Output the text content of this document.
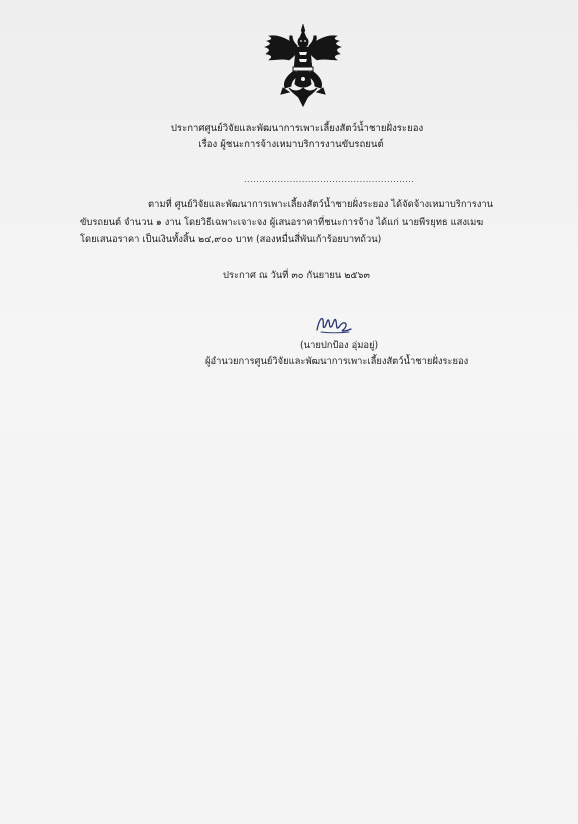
ประกาศศูนย์วิจัยและพัฒนาการเพาะเลี้ยงสัตว์น้ำชายฝั่งระยอง
เรื่อง ผู้ชนะการจ้างเหมาบริการงานขับรถยนต์
........................................................
ตามที่ ศูนย์วิจัยและพัฒนาการเพาะเลี้ยงสัตว์น้ำชายฝั่งระยอง ได้จัดจ้างเหมาบริการงาน
ขับรถยนต์ จำนวน ๑ งาน โดยวิธีเฉพาะเจาะจง ผู้เสนอราคาที่ชนะการจ้าง ได้แก่ นายพีรยุทธ แสงเมฆ
โดยเสนอราคา เป็นเงินทั้งสิ้น ๒๔,๙๐๐ บาท (สองหมื่นสี่พันเก้าร้อยบาทถ้วน)
ประกาศ ณ วันที่ ๓๐ กันยายน ๒๕๖๓
(นายปกป้อง อุ่มอยู่)
ผู้อำนวยการศูนย์วิจัยและพัฒนาการเพาะเลี้ยงสัตว์น้ำชายฝั่งระยอง
